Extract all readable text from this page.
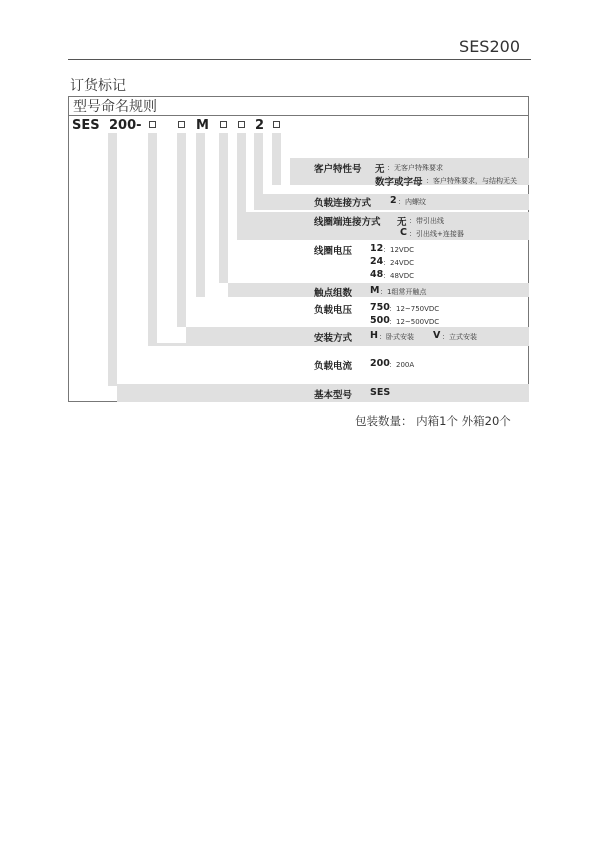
SES200
订货标记
型号命名规则
SES 200-	M	2
客户特性号 无 ：无客户特殊要求
数字或字母 ：客户特殊要求，与结构无关
负载连接方式 2 ：内螺纹
线圈端连接方式 无 ：带引出线
C ：引出线+连接器
线圈电压 12 ：12VDC
24 ：24VDC
48 ：48VDC
触点组数 M ：1组常开触点
负载电压 750 ：12~750VDC
500 ：12~500VDC
安装方式 H ：卧式安装 V ：立式安装
负载电流 200 ：200A
基本型号 SES
包装数量： 内箱1个 外箱20个
